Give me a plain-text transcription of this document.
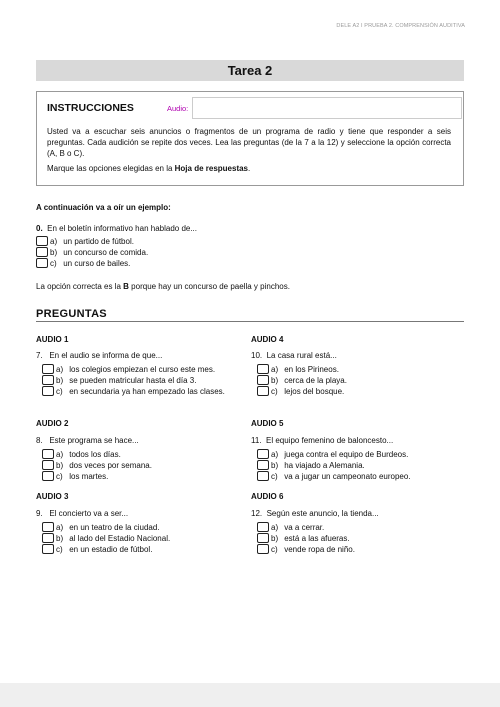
DELE A2 I PRUEBA 2. COMPRENSIÓN AUDITIVA
Tarea 2
INSTRUCCIONES	Audio:
Usted va a escuchar seis anuncios o fragmentos de un programa de radio y tiene que responder a seis preguntas. Cada audición se repite dos veces. Lea las preguntas (de la 7 a la 12) y seleccione la opción correcta (A, B o C).
Marque las opciones elegidas en la Hoja de respuestas.
A continuación va a oír un ejemplo:
0. En el boletín informativo han hablado de...
a)
un partido de fútbol.
b)
un concurso de comida.
c)
un curso de bailes.
La opción correcta es la B porque hay un concurso de paella y pinchos.
PREGUNTAS
AUDIO 1
7. En el audio se informa de que...
a)
los colegios empiezan el curso este mes.
b)
se pueden matricular hasta el día 3.
c)
en secundaria ya han empezado las clases.
AUDIO 4
10. La casa rural está...
a)
en los Pirineos.
b)
cerca de la playa.
c)
lejos del bosque.
AUDIO 2
8. Este programa se hace...
a)
todos los días.
b)
dos veces por semana.
c)
los martes.
AUDIO 5
11. El equipo femenino de baloncesto...
a)
juega contra el equipo de Burdeos.
b)
ha viajado a Alemania.
c)
va a jugar un campeonato europeo.
AUDIO 3
9. El concierto va a ser...
a)
en un teatro de la ciudad.
b)
al lado del Estadio Nacional.
c)
en un estadio de fútbol.
AUDIO 6
12. Según este anuncio, la tienda...
a)
va a cerrar.
b)
está a las afueras.
c)
vende ropa de niño.
